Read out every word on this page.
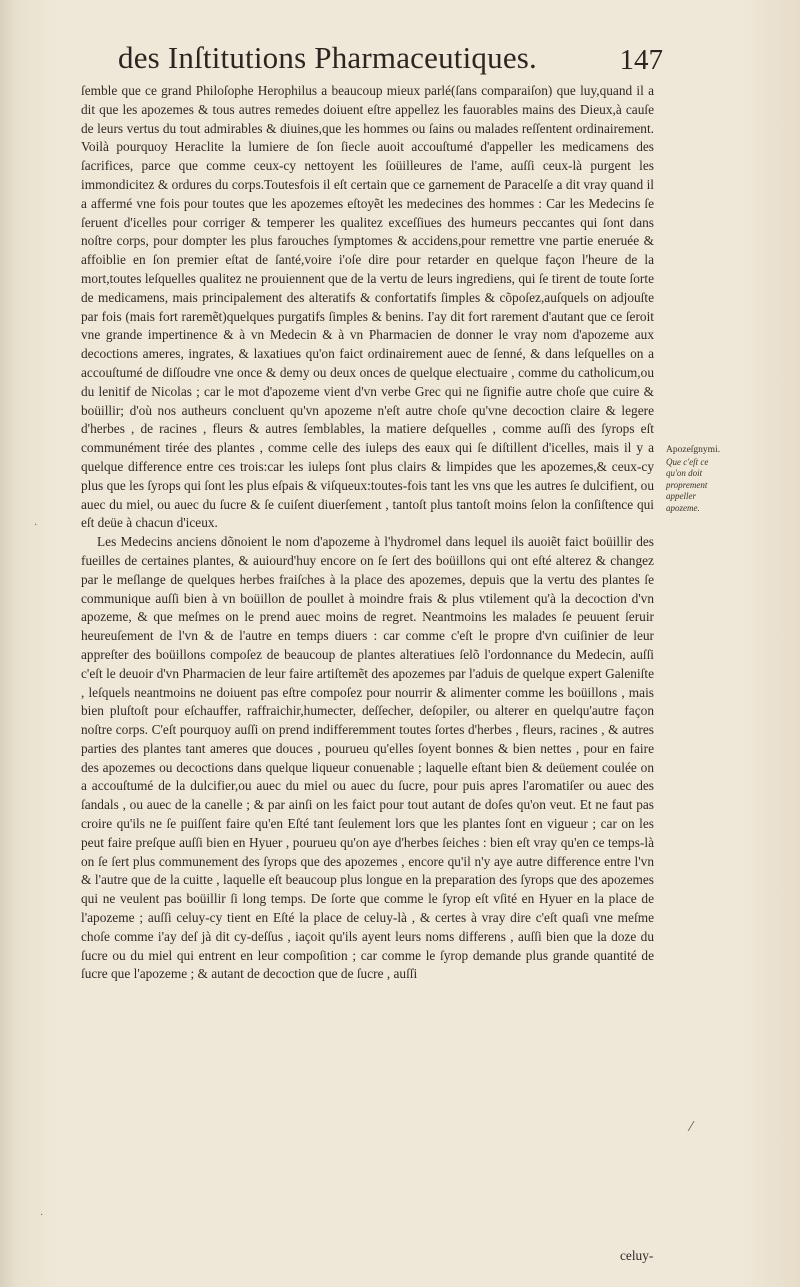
des Inſtitutions Pharmaceutiques.	147

ſemble que ce grand Philoſophe Herophilus a beaucoup mieux parlé(ſans comparaiſon) que luy,quand il a dit que les apozemes & tous autres remedes doiuent eſtre appellez les fauorables mains des Dieux,à cauſe de leurs vertus du tout admirables & diuines,que les hommes ou ſains ou malades reſſentent ordinairement. Voilà pourquoy Heraclite la lumiere de ſon ſiecle auoit accouſtumé d'appeller les medicamens des ſacrifices, parce que comme ceux-cy nettoyent les ſoüilleures de l'ame, auſſi ceux-là purgent les immondicitez & ordures du corps.Toutesfois il eſt certain que ce garnement de Paracelſe a dit vray quand il a affermé vne fois pour toutes que les apozemes eſtoyẽt les medecines des hommes : Car les Medecins ſe ſeruent d'icelles pour corriger & temperer les qualitez exceſſiues des humeurs peccantes qui ſont dans noſtre corps, pour dompter les plus farouches ſymptomes & accidens,pour remettre vne partie eneruée & affoiblie en ſon premier eſtat de ſanté,voire i'oſe dire pour retarder en quelque façon l'heure de la mort,toutes leſquelles qualitez ne prouiennent que de la vertu de leurs ingrediens, qui ſe tirent de toute ſorte de medicamens, mais principalement des alteratifs & confortatifs ſimples & cõpoſez,auſquels on adjouſte par fois (mais fort raremẽt)quelques purgatifs ſimples & benins. I'ay dit fort rarement d'autant que ce ſeroit vne grande impertinence & à vn Medecin & à vn Pharmacien de donner le vray nom d'apozeme aux decoctions ameres, ingrates, & laxatiues qu'on faict ordinairement auec de ſenné, & dans leſquelles on a accouſtumé de diſſoudre vne once & demy ou deux onces de quelque electuaire , comme du catholicum,ou du lenitif de Nicolas ; car le mot d'apozeme vient d'vn verbe Grec qui ne ſignifie autre choſe que cuire & boüillir; d'où nos autheurs concluent qu'vn apozeme n'eſt autre choſe qu'vne decoction claire & legere d'herbes , de racines , fleurs & autres ſemblables, la matiere deſquelles , comme auſſi des ſyrops eſt communément tirée des plantes , comme celle des iuleps des eaux qui ſe diſtillent d'icelles, mais il y a quelque difference entre ces trois:car les iuleps ſont plus clairs & limpides que les apozemes,& ceux-cy plus que les ſyrops qui ſont les plus eſpais & viſqueux:toutes-fois tant les vns que les autres ſe dulcifient, ou auec du miel, ou auec du ſucre & ſe cuiſent diuerſement , tantoſt plus tantoſt moins ſelon la conſiſtence qui eſt deüe à chacun d'iceux.

Les Medecins anciens dõnoient le nom d'apozeme à l'hydromel dans lequel ils auoiẽt faict boüillir des fueilles de certaines plantes, & auiourd'huy encore on ſe ſert des boüillons qui ont eſté alterez & changez par le meſlange de quelques herbes fraiſches à la place des apozemes, depuis que la vertu des plantes ſe communique auſſi bien à vn boüillon de poullet à moindre frais & plus vtilement qu'à la decoction d'vn apozeme, & que meſmes on le prend auec moins de regret. Neantmoins les malades ſe peuuent ſeruir heureuſement de l'vn & de l'autre en temps diuers : car comme c'eſt le propre d'vn cuiſinier de leur appreſter des boüillons compoſez de beaucoup de plantes alteratiues ſelõ l'ordonnance du Medecin, auſſi c'eſt le deuoir d'vn Pharmacien de leur faire artiſtemẽt des apozemes par l'aduis de quelque expert Galeniſte , leſquels neantmoins ne doiuent pas eſtre compoſez pour nourrir & alimenter comme les boüillons , mais bien pluſtoſt pour eſchauffer, raffraichir,humecter, deſſecher, deſopiler, ou alterer en quelqu'autre façon noſtre corps. C'eſt pourquoy auſſi on prend indifferemment toutes ſortes d'herbes , fleurs, racines , & autres parties des plantes tant ameres que douces , pourueu qu'elles ſoyent bonnes & bien nettes , pour en faire des apozemes ou decoctions dans quelque liqueur conuenable ; laquelle eſtant bien & deüement coulée on a accouſtumé de la dulcifier,ou auec du miel ou auec du ſucre, pour puis apres l'aromatiſer ou auec des ſandals , ou auec de la canelle ; & par ainſi on les faict pour tout autant de doſes qu'on veut. Et ne faut pas croire qu'ils ne ſe puiſſent faire qu'en Eſté tant ſeulement lors que les plantes ſont en vigueur ; car on les peut faire preſque auſſi bien en Hyuer , pourueu qu'on aye d'herbes ſeiches : bien eſt vray qu'en ce temps-là on ſe ſert plus communement des ſyrops que des apozemes , encore qu'il n'y aye autre difference entre l'vn & l'autre que de la cuitte , laquelle eſt beaucoup plus longue en la preparation des ſyrops que des apozemes qui ne veulent pas boüillir ſi long temps. De ſorte que comme le ſyrop eſt vſité en Hyuer en la place de l'apozeme ; auſſi celuy-cy tient en Eſté la place de celuy-là , & certes à vray dire c'eſt quaſi vne meſme choſe comme i'ay deſ jà dit cy-deſſus , iaçoit qu'ils ayent leurs noms differens , auſſi bien que la doze du ſucre ou du miel qui entrent en leur compoſition ; car comme le ſyrop demande plus grande quantité de ſucre que l'apozeme ; & autant de decoction que de ſucre , auſſi

celuy-
Apozeſgnymi.
Que c'eſt ce qu'on doit proprement appeller apozeme.
·
⁄
·
